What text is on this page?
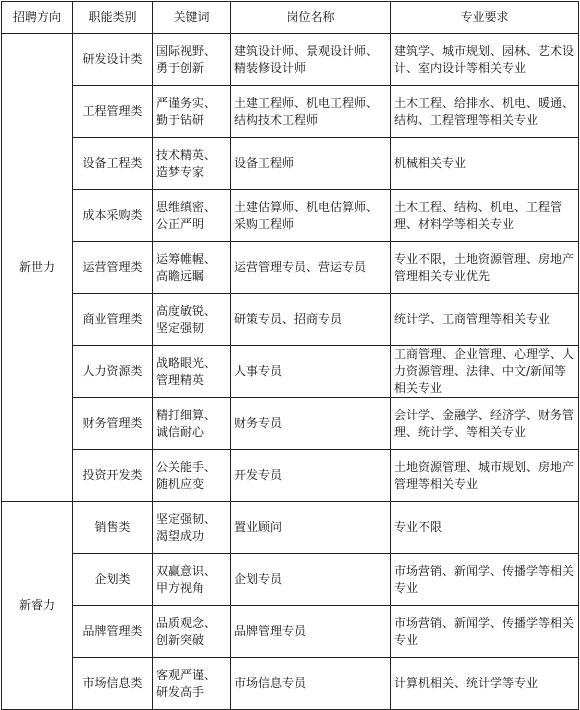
招聘方向	职能类别	关键词	岗位名称	专业要求
新世力	研发设计类	国际视野、勇于创新	建筑设计师、景观设计师、精装修设计师	建筑学、城市规划、园林、艺术设计、室内设计等相关专业
	工程管理类	严谨务实、勤于钻研	土建工程师、机电工程师、结构技术工程师	土木工程、给排水、机电、暖通、结构、工程管理等相关专业
	设备工程类	技术精英、造梦专家	设备工程师	机械相关专业
	成本采购类	思维缜密、公正严明	土建估算师、机电估算师、采购工程师	土木工程、结构、机电、工程管理、材料学等相关专业
	运营管理类	运筹帷幄、高瞻远瞩	运营管理专员、营运专员	专业不限，土地资源管理、房地产管理相关专业优先
	商业管理类	高度敏锐、坚定强韧	研策专员、招商专员	统计学、工商管理等相关专业
	人力资源类	战略眼光、管理精英	人事专员	工商管理、企业管理、心理学、人力资源管理、法律、中文/新闻等相关专业
	财务管理类	精打细算、诚信耐心	财务专员	会计学、金融学、经济学、财务管理、统计学、等相关专业
	投资开发类	公关能手、随机应变	开发专员	土地资源管理、城市规划、房地产管理等相关专业
新睿力	销售类	坚定强韧、渴望成功	置业顾问	专业不限
	企划类	双赢意识、甲方视角	企划专员	市场营销、新闻学、传播学等相关专业
	品牌管理类	品质观念、创新突破	品牌管理专员	市场营销、新闻学、传播学等相关专业
	市场信息类	客观严谨、研发高手	市场信息专员	计算机相关、统计学等专业
